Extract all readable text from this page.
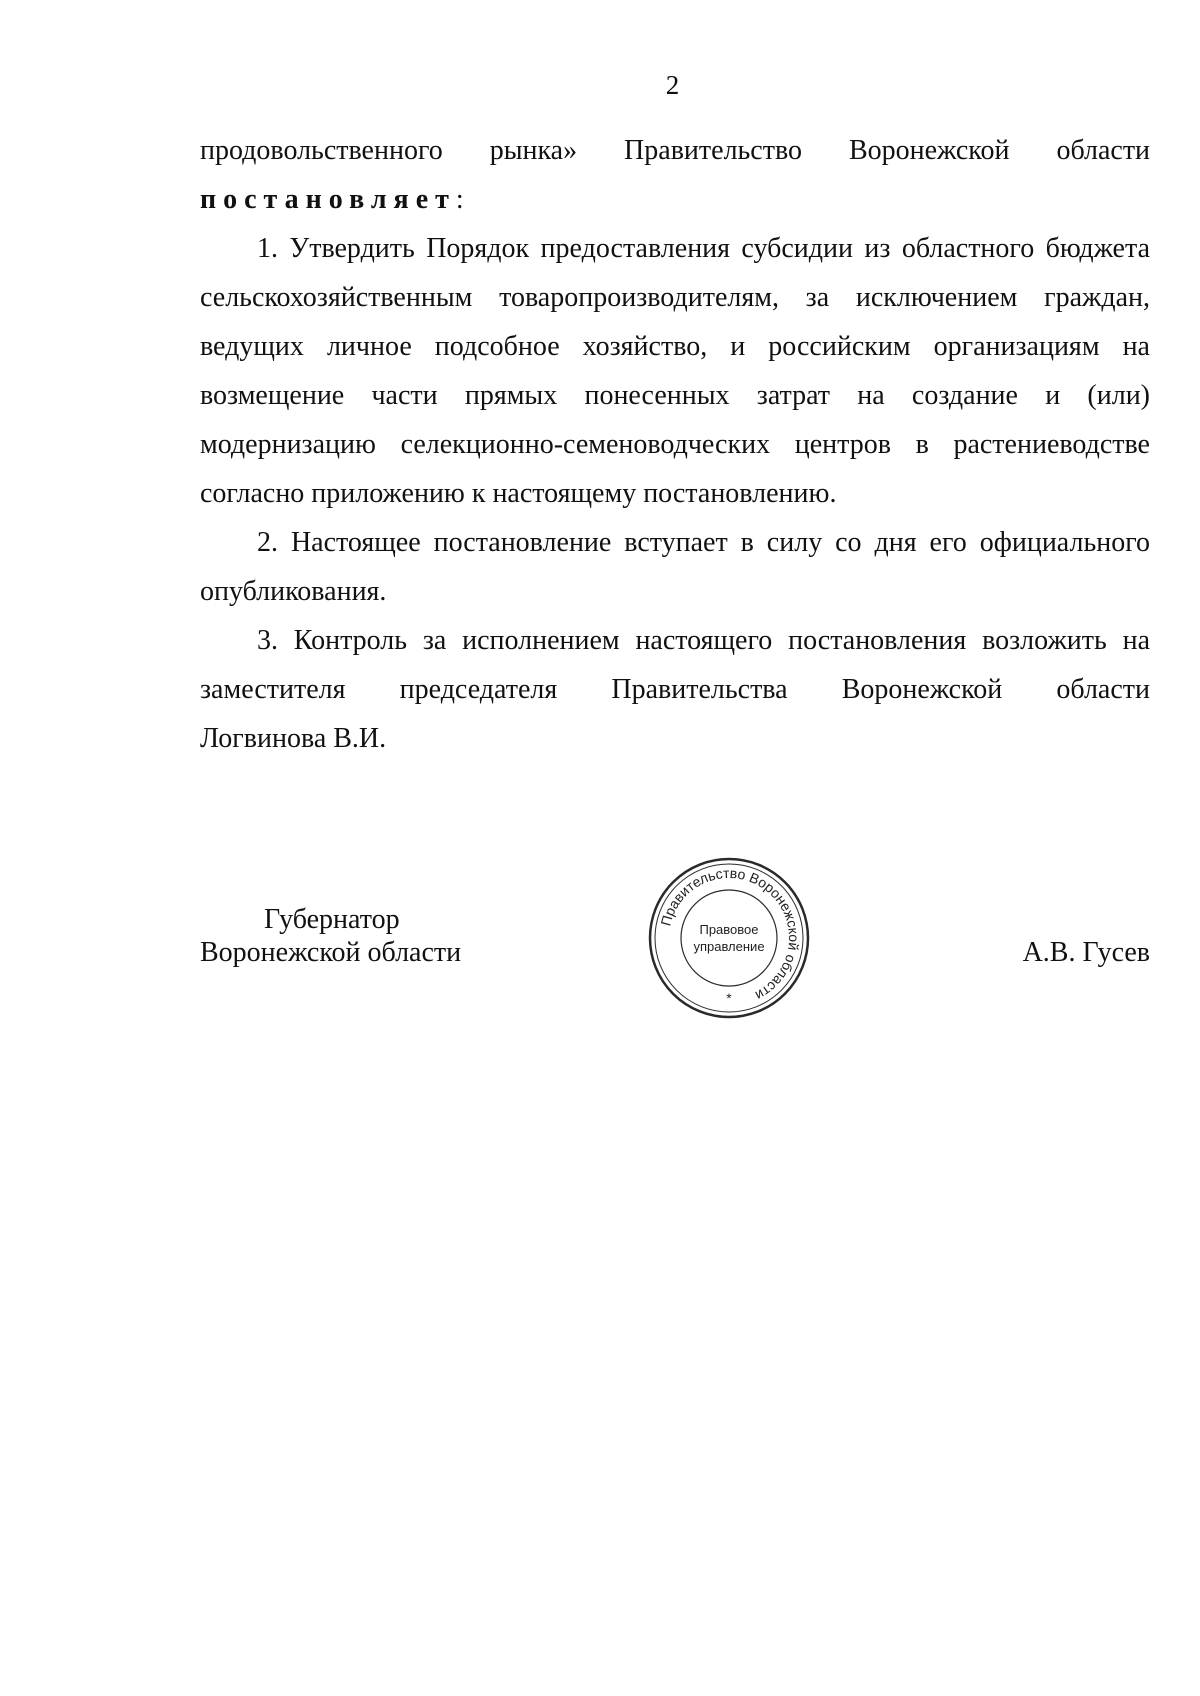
2
продовольственного рынка» Правительство Воронежской области
постановляет:
1. Утвердить Порядок предоставления субсидии из областного бюджета
сельскохозяйственным товаропроизводителям, за исключением граждан,
ведущих личное подсобное хозяйство, и российским организациям на
возмещение части прямых понесенных затрат на создание и (или)
модернизацию селекционно-семеноводческих центров в растениеводстве
согласно приложению к настоящему постановлению.
2. Настоящее постановление вступает в силу со дня его официального
опубликования.
3. Контроль за исполнением настоящего постановления возложить на
заместителя председателя Правительства Воронежской области
Логвинова В.И.
Губернатор
Воронежской области	А.В. Гусев
Правительство Воронежской области
Правовое
управление
*
